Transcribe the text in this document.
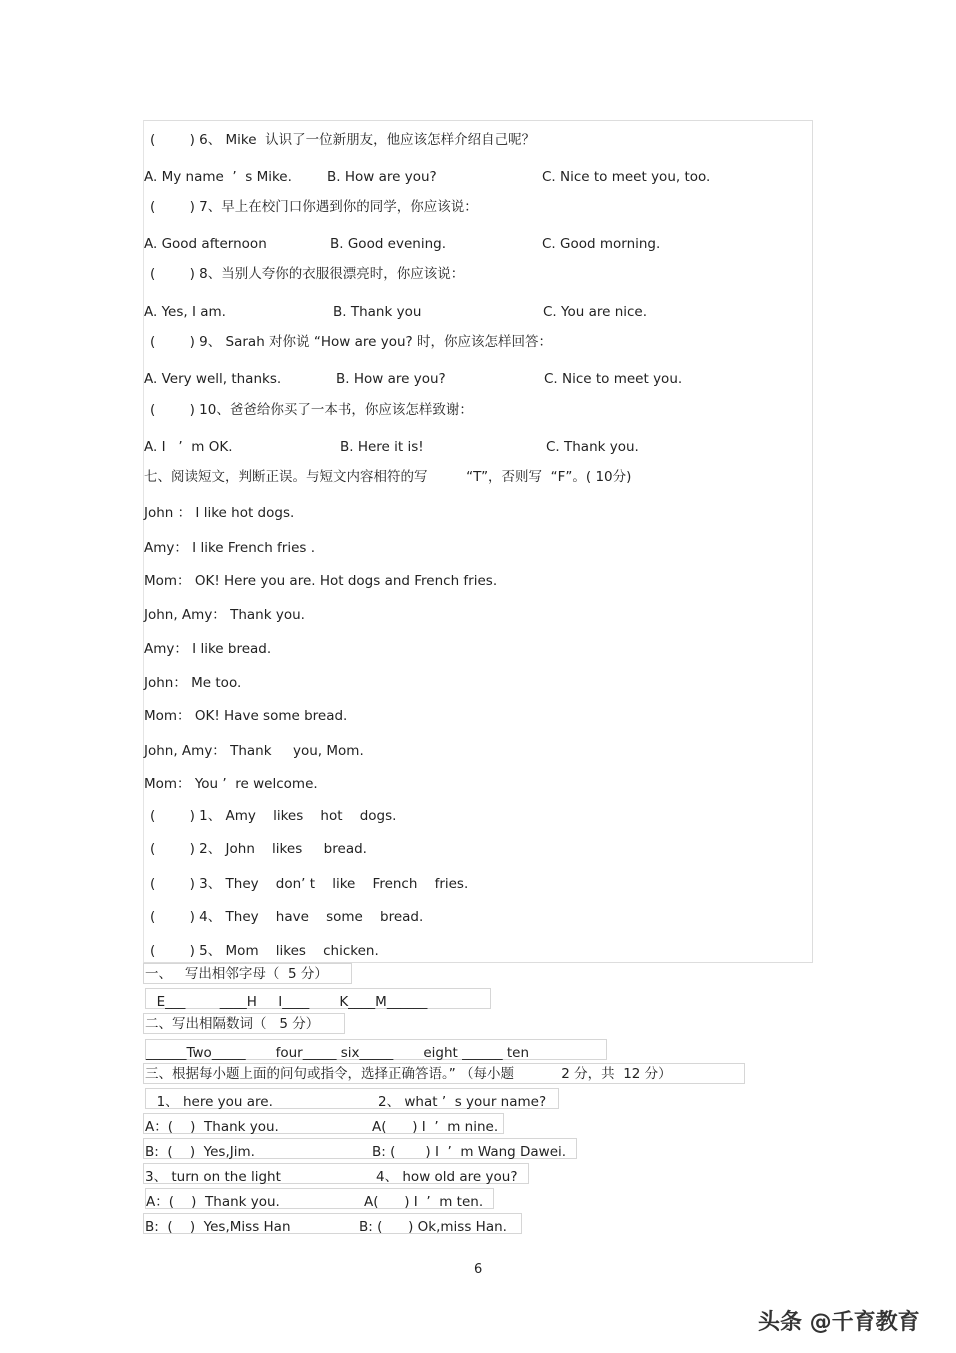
(        ) 6、 Mike  认识了一位新朋友，他应该怎样介绍自己呢？
A. My name  ’  s Mike.	B. How are you?	C. Nice to meet you, too.
(        ) 7、早上在校门口你遇到你的同学，你应该说：
A. Good afternoon	B. Good evening.	C. Good morning.
(        ) 8、当别人夸你的衣服很漂亮时，你应该说：
A. Yes, I am.	B. Thank you	C. You are nice.
(        ) 9、 Sarah 对你说 “How are you? 时，你应该怎样回答：
A. Very well, thanks.	B. How are you?	C. Nice to meet you.
(        ) 10、爸爸给你买了一本书，你应该怎样致谢：
A. I   ’  m OK.	B. Here it is!	C. Thank you.
七、阅读短文，判断正误。与短文内容相符的写         “T”，否则写  “F”。( 10分)
John ： I like hot dogs.
Amy： I like French fries .
Mom： OK! Here you are. Hot dogs and French fries.
John, Amy： Thank you.
Amy： I like bread.
John： Me too.
Mom： OK! Have some bread.
John, Amy： Thank     you, Mom.
Mom： You ’  re welcome.
(        ) 1、 Amy    likes    hot    dogs.
(        ) 2、 John    likes     bread.
(        ) 3、 They    don’ t    like    French    fries.
(        ) 4、 They    have    some    bread.
(        ) 5、 Mom    likes    chicken.
一、   写出相邻字母（  5 分）
E___        ____H     I____       K____M______
二、写出相隔数词（   5 分）
______Two_____       four_____ six_____       eight ______ ten
三、根据每小题上面的问句或指令，选择正确答语。” （每小题           2 分，共  12 分）
1、 here you are.	2、 what ’  s your name?
A：(    )  Thank you.	A(      ) I  ’  m nine.
B:  (    )  Yes,Jim.	B: (       ) I  ’  m Wang Dawei.
3、 turn on the light	4、 how old are you?
A：(    )  Thank you.	A(      ) I  ’  m ten.
B:  (    )  Yes,Miss Han	B: (      ) Ok,miss Han.
6
头条 @千育教育
